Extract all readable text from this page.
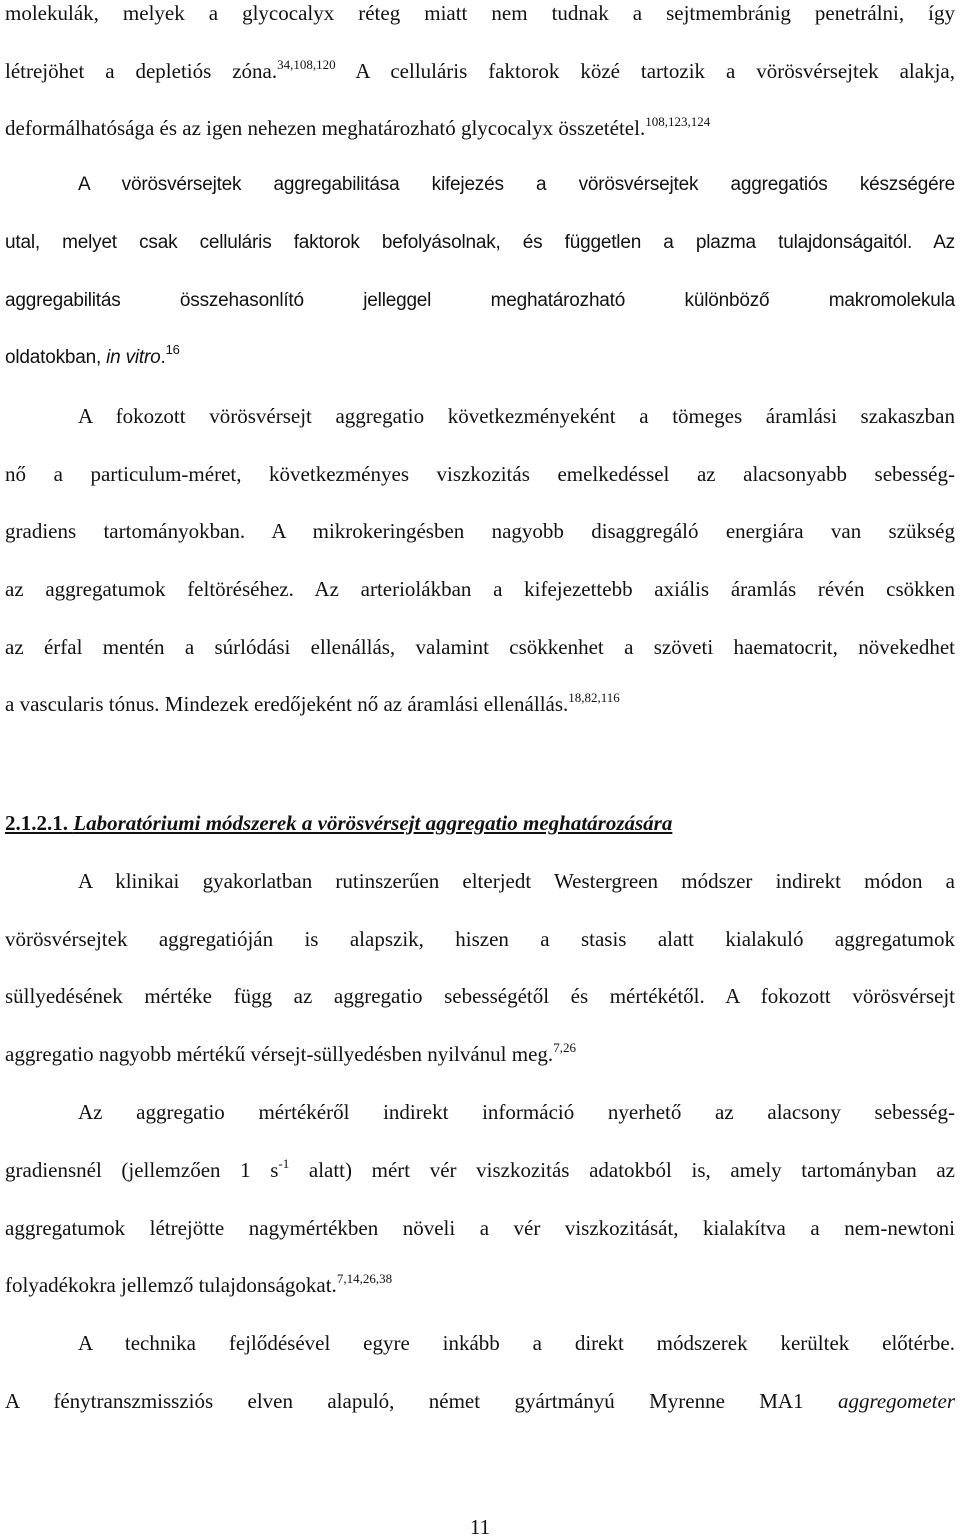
molekulák, melyek a glycocalyx réteg miatt nem tudnak a sejtmembránig penetrálni, így
létrejöhet a depletiós zóna.$^{34,108,120}$ A celluláris faktorok közé tartozik a vörösvérsejtek alakja,
deformálhatósága és az igen nehezen meghatározható glycocalyx összetétel.$^{108,123,124}$
A vörösvérsejtek aggregabilitása kifejezés a vörösvérsejtek aggregatiós készségére
utal, melyet csak celluláris faktorok befolyásolnak, és független a plazma tulajdonságaitól. Az
aggregabilitás összehasonlító jelleggel meghatározható különböző makromolekula
oldatokban, in vitro.$^{16}$
A fokozott vörösvérsejt aggregatio következményeként a tömeges áramlási szakaszban
nő a particulum-méret, következményes viszkozitás emelkedéssel az alacsonyabb sebesség-
gradiens tartományokban. A mikrokeringésben nagyobb disaggregáló energiára van szükség
az aggregatumok feltöréséhez. Az arteriolákban a kifejezettebb axiális áramlás révén csökken
az érfal mentén a súrlódási ellenállás, valamint csökkenhet a szöveti haematocrit, növekedhet
a vascularis tónus. Mindezek eredőjeként nő az áramlási ellenállás.$^{18,82,116}$
2.1.2.1. Laboratóriumi módszerek a vörösvérsejt aggregatio meghatározására
A klinikai gyakorlatban rutinszerűen elterjedt Westergreen módszer indirekt módon a
vörösvérsejtek aggregatióján is alapszik, hiszen a stasis alatt kialakuló aggregatumok
süllyedésének mértéke függ az aggregatio sebességétől és mértékétől. A fokozott vörösvérsejt
aggregatio nagyobb mértékű vérsejt-süllyedésben nyilvánul meg.$^{7,26}$
Az aggregatio mértékéről indirekt információ nyerhető az alacsony sebesség-
gradiensnél (jellemzően 1 $s^{-1}$ alatt) mért vér viszkozitás adatokból is, amely tartományban az
aggregatumok létrejötte nagymértékben növeli a vér viszkozitását, kialakítva a nem-newtoni
folyadékokra jellemző tulajdonságokat.$^{7,14,26,38}$
A technika fejlődésével egyre inkább a direkt módszerek kerültek előtérbe.
A fénytranszmissziós elven alapuló, német gyártmányú Myrenne MA1 aggregometer
11
